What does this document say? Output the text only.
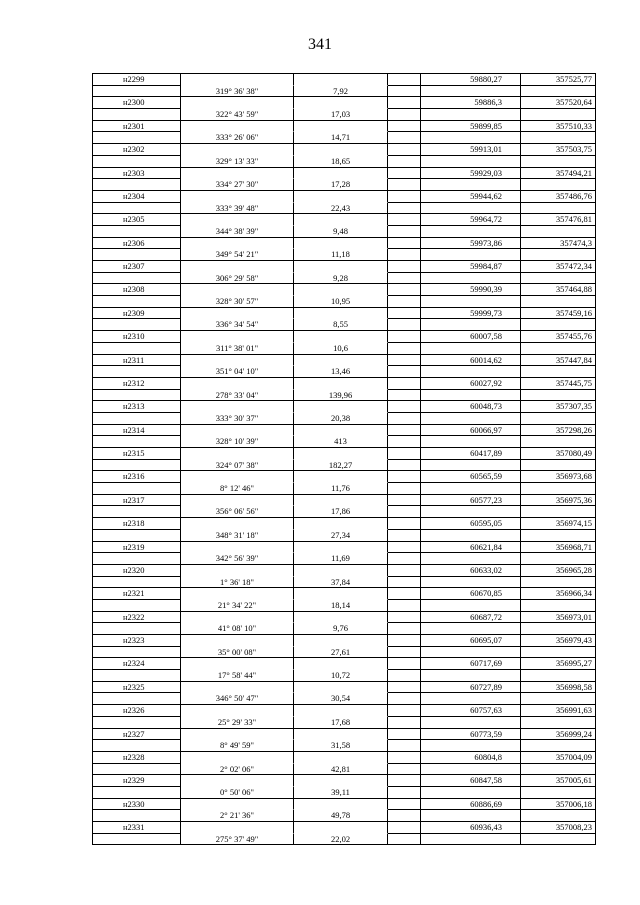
341
н2299	59880,27	357525,77
319° 36' 38"	7,92
н2300	59886,3	357520,64
322° 43' 59"	17,03
н2301	59899,85	357510,33
333° 26' 06"	14,71
н2302	59913,01	357503,75
329° 13' 33"	18,65
н2303	59929,03	357494,21
334° 27' 30"	17,28
н2304	59944,62	357486,76
333° 39' 48"	22,43
н2305	59964,72	357476,81
344° 38' 39"	9,48
н2306	59973,86	357474,3
349° 54' 21"	11,18
н2307	59984,87	357472,34
306° 29' 58"	9,28
н2308	59990,39	357464,88
328° 30' 57"	10,95
н2309	59999,73	357459,16
336° 34' 54"	8,55
н2310	60007,58	357455,76
311° 38' 01"	10,6
н2311	60014,62	357447,84
351° 04' 10"	13,46
н2312	60027,92	357445,75
278° 33' 04"	139,96
н2313	60048,73	357307,35
333° 30' 37"	20,38
н2314	60066,97	357298,26
328° 10' 39"	413
н2315	60417,89	357080,49
324° 07' 38"	182,27
н2316	60565,59	356973,68
8° 12' 46"	11,76
н2317	60577,23	356975,36
356° 06' 56"	17,86
н2318	60595,05	356974,15
348° 31' 18"	27,34
н2319	60621,84	356968,71
342° 56' 39"	11,69
н2320	60633,02	356965,28
1° 36' 18"	37,84
н2321	60670,85	356966,34
21° 34' 22"	18,14
н2322	60687,72	356973,01
41° 08' 10"	9,76
н2323	60695,07	356979,43
35° 00' 08"	27,61
н2324	60717,69	356995,27
17° 58' 44"	10,72
н2325	60727,89	356998,58
346° 50' 47"	30,54
н2326	60757,63	356991,63
25° 29' 33"	17,68
н2327	60773,59	356999,24
8° 49' 59"	31,58
н2328	60804,8	357004,09
2° 02' 06"	42,81
н2329	60847,58	357005,61
0° 50' 06"	39,11
н2330	60886,69	357006,18
2° 21' 36"	49,78
н2331	60936,43	357008,23
275° 37' 49"	22,02
